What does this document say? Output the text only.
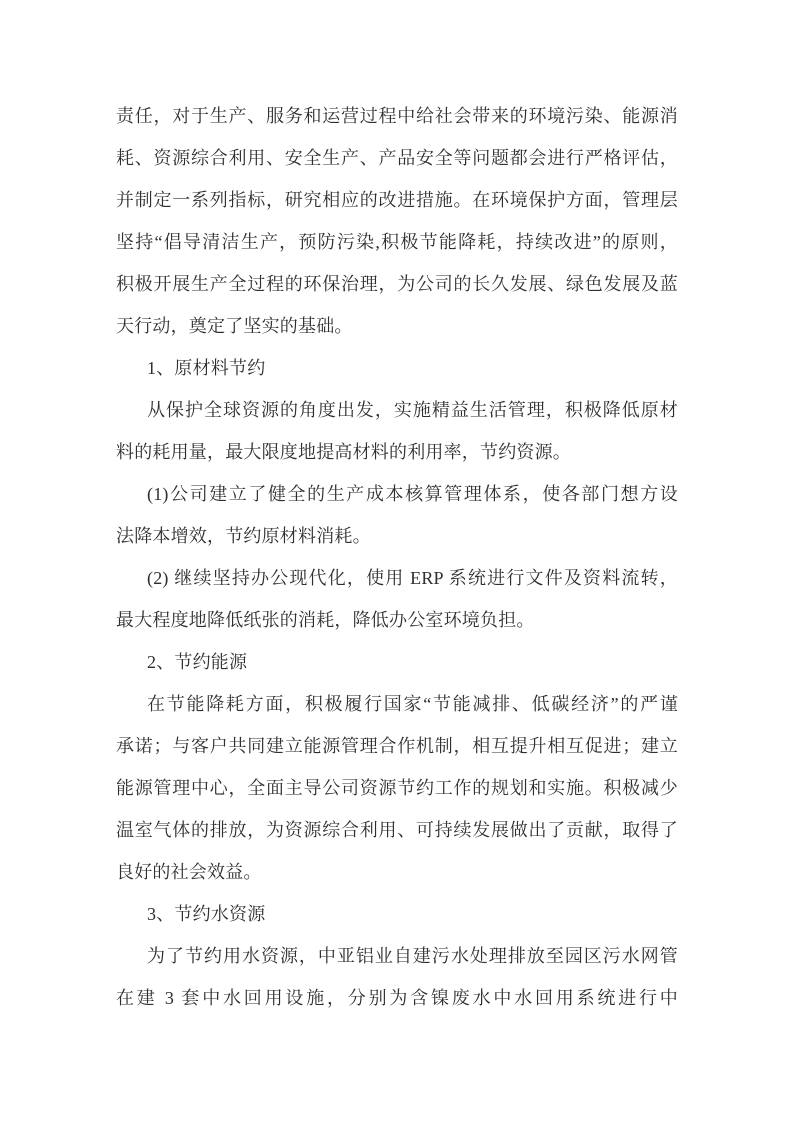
责任，对于生产、服务和运营过程中给社会带来的环境污染、能源消
耗、资源综合利用、安全生产、产品安全等问题都会进行严格评估，
并制定一系列指标，研究相应的改进措施。在环境保护方面，管理层
坚持“倡导清洁生产，预防污染,积极节能降耗，持续改进”的原则，
积极开展生产全过程的环保治理，为公司的长久发展、绿色发展及蓝
天行动，奠定了坚实的基础。
1、原材料节约
从保护全球资源的角度出发，实施精益生活管理，积极降低原材
料的耗用量，最大限度地提高材料的利用率，节约资源。
(1)公司建立了健全的生产成本核算管理体系，使各部门想方设
法降本增效，节约原材料消耗。
(2) 继续坚持办公现代化，使用 ERP 系统进行文件及资料流转，
最大程度地降低纸张的消耗，降低办公室环境负担。
2、节约能源
在节能降耗方面，积极履行国家“节能减排、低碳经济”的严谨
承诺；与客户共同建立能源管理合作机制，相互提升相互促进；建立
能源管理中心，全面主导公司资源节约工作的规划和实施。积极减少
温室气体的排放，为资源综合利用、可持续发展做出了贡献，取得了
良好的社会效益。
3、节约水资源
为了节约用水资源，中亚铝业自建污水处理排放至园区污水网管
在建 3 套中水回用设施，分别为含镍废水中水回用系统进行中
